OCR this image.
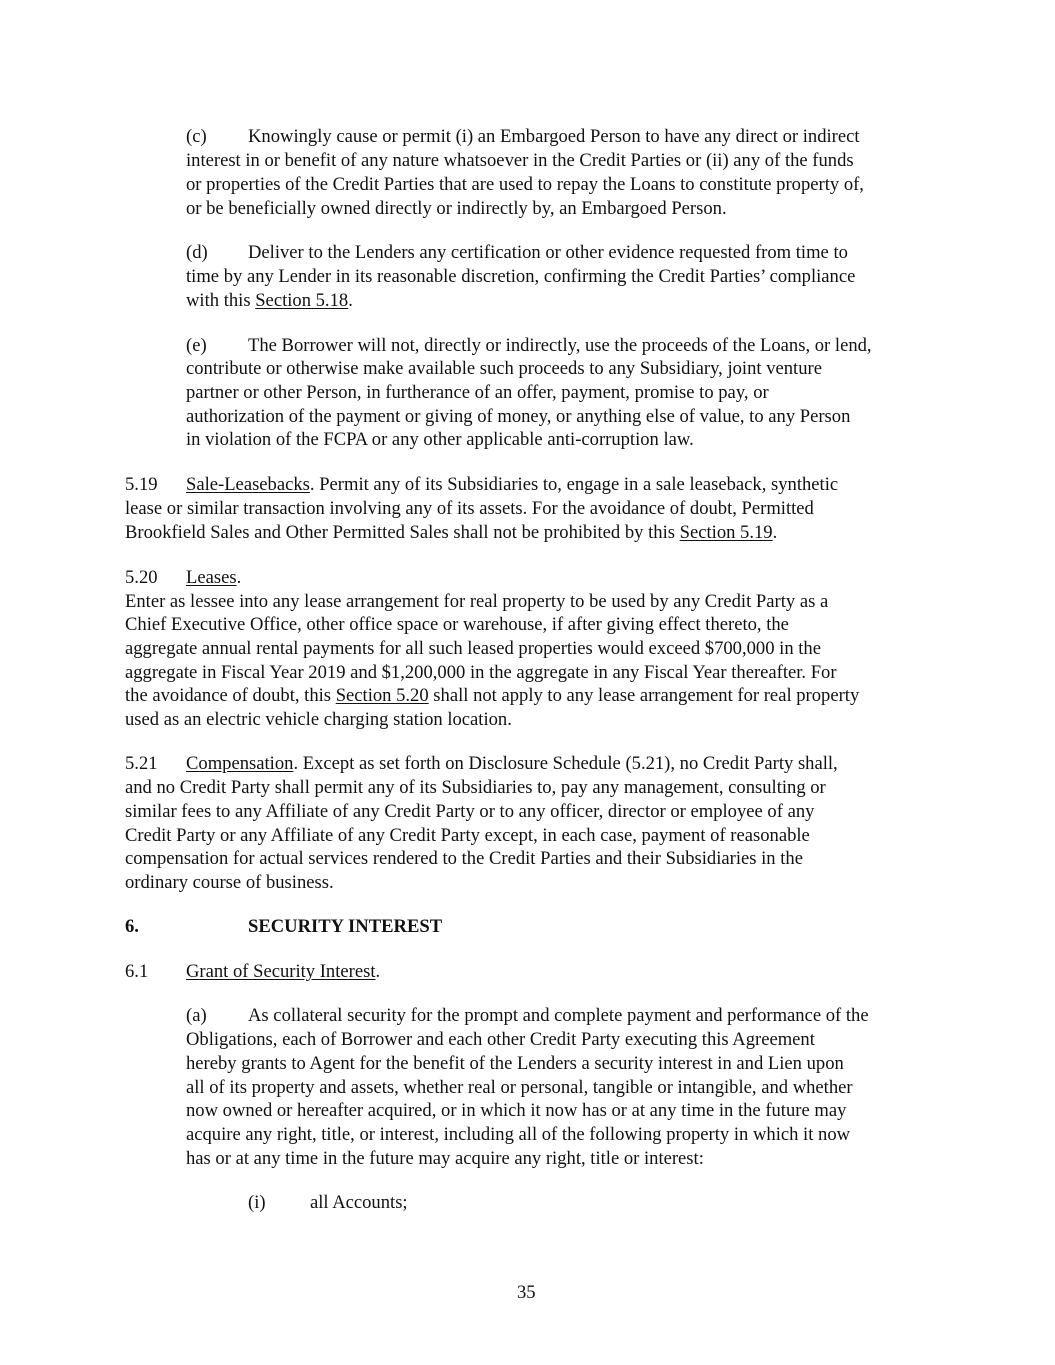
(c) Knowingly cause or permit (i) an Embargoed Person to have any direct or indirect
interest in or benefit of any nature whatsoever in the Credit Parties or (ii) any of the funds
or properties of the Credit Parties that are used to repay the Loans to constitute property of,
or be beneficially owned directly or indirectly by, an Embargoed Person.
(d) Deliver to the Lenders any certification or other evidence requested from time to
time by any Lender in its reasonable discretion, confirming the Credit Parties’ compliance
with this Section 5.18.
(e) The Borrower will not, directly or indirectly, use the proceeds of the Loans, or lend,
contribute or otherwise make available such proceeds to any Subsidiary, joint venture
partner or other Person, in furtherance of an offer, payment, promise to pay, or
authorization of the payment or giving of money, or anything else of value, to any Person
in violation of the FCPA or any other applicable anti-corruption law.
5.19 Sale-Leasebacks. Permit any of its Subsidiaries to, engage in a sale leaseback, synthetic
lease or similar transaction involving any of its assets. For the avoidance of doubt, Permitted
Brookfield Sales and Other Permitted Sales shall not be prohibited by this Section 5.19.
5.20 Leases.
Enter as lessee into any lease arrangement for real property to be used by any Credit Party as a
Chief Executive Office, other office space or warehouse, if after giving effect thereto, the
aggregate annual rental payments for all such leased properties would exceed $700,000 in the
aggregate in Fiscal Year 2019 and $1,200,000 in the aggregate in any Fiscal Year thereafter. For
the avoidance of doubt, this Section 5.20 shall not apply to any lease arrangement for real property
used as an electric vehicle charging station location.
5.21 Compensation. Except as set forth on Disclosure Schedule (5.21), no Credit Party shall,
and no Credit Party shall permit any of its Subsidiaries to, pay any management, consulting or
similar fees to any Affiliate of any Credit Party or to any officer, director or employee of any
Credit Party or any Affiliate of any Credit Party except, in each case, payment of reasonable
compensation for actual services rendered to the Credit Parties and their Subsidiaries in the
ordinary course of business.
6.	SECURITY INTEREST
6.1 Grant of Security Interest.
(a) As collateral security for the prompt and complete payment and performance of the
Obligations, each of Borrower and each other Credit Party executing this Agreement
hereby grants to Agent for the benefit of the Lenders a security interest in and Lien upon
all of its property and assets, whether real or personal, tangible or intangible, and whether
now owned or hereafter acquired, or in which it now has or at any time in the future may
acquire any right, title, or interest, including all of the following property in which it now
has or at any time in the future may acquire any right, title or interest:
(i) all Accounts;
35
